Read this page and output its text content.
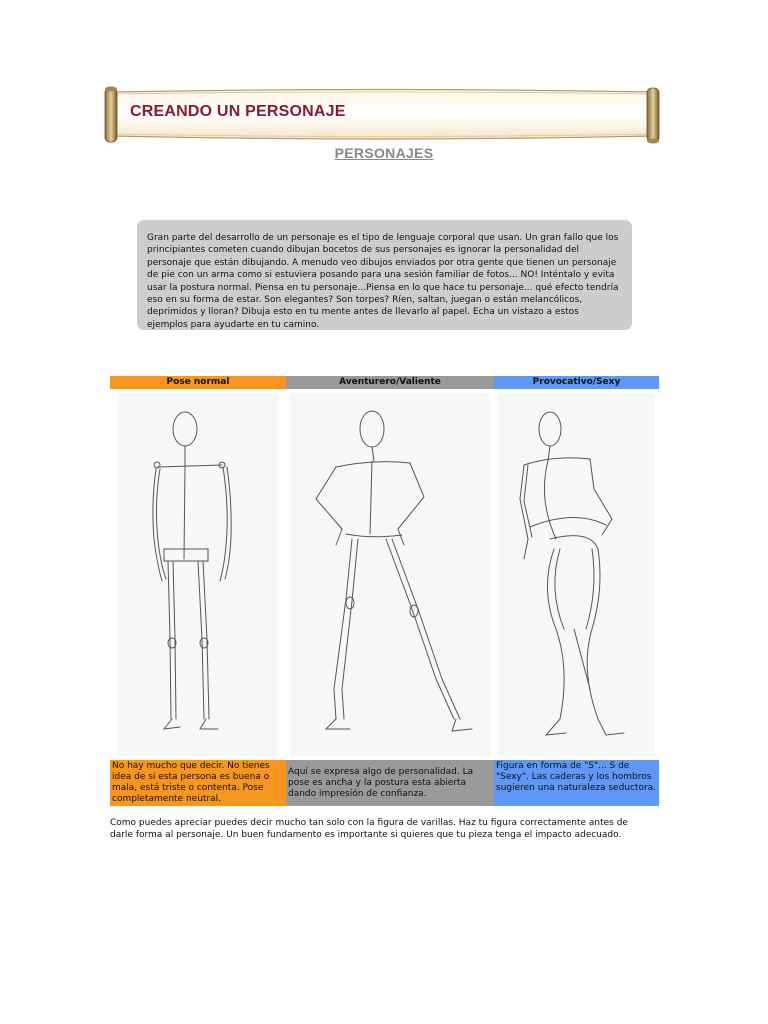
CREANDO UN PERSONAJE
PERSONAJES

Gran parte del desarrollo de un personaje es el tipo de lenguaje corporal que usan. Un gran fallo que los principiantes cometen cuando dibujan bocetos de sus personajes es ignorar la personalidad del personaje que están dibujando. A menudo veo dibujos enviados por otra gente que tienen un personaje de pie con un arma como si estuviera posando para una sesión familiar de fotos... NO! Inténtalo y evita usar la postura normal. Piensa en tu personaje...Piensa en lo que hace tu personaje... qué efecto tendría eso en su forma de estar. Son elegantes? Son torpes? Ríen, saltan, juegan o están melancólicos, deprimidos y lloran? Dibuja esto en tu mente antes de llevarlo al papel. Echa un vistazo a estos ejemplos para ayudarte en tu camino.

Pose normal	Aventurero/Valiente	Provocativo/Sexy
No hay mucho que decir. No tienes idea de si esta persona es buena o mala, está triste o contenta. Pose completamente neutral.
Aquí se expresa algo de personalidad. La pose es ancha y la postura esta abierta dando impresión de confianza.
Figura en forma de "S"... S de "Sexy". Las caderas y los hombros sugieren una naturaleza seductora.

Como puedes apreciar puedes decir mucho tan solo con la figura de varillas. Haz tu figura correctamente antes de darle forma al personaje. Un buen fundamento es importante si quieres que tu pieza tenga el impacto adecuado.
